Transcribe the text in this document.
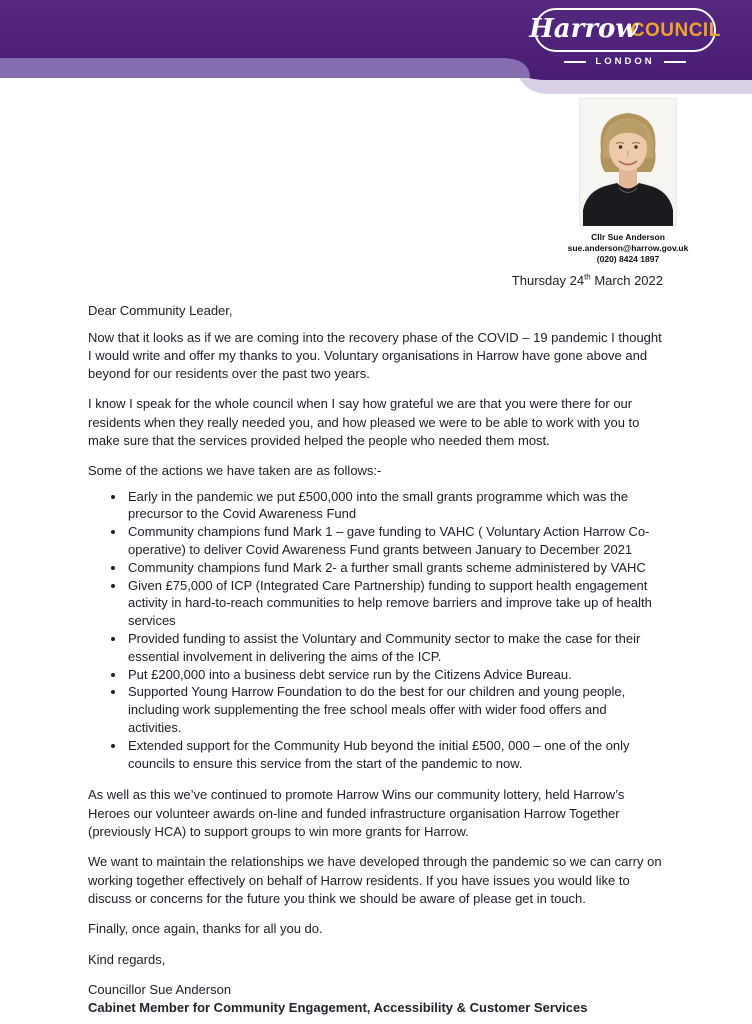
Harrow
COUNCIL
LONDON
Cllr Sue Anderson
sue.anderson@harrow.gov.uk
(020) 8424 1897
Thursday 24th March 2022
Dear Community Leader,
Now that it looks as if we are coming into the recovery phase of the COVID – 19 pandemic I thought I would write and offer my thanks to you. Voluntary organisations in Harrow have gone above and beyond for our residents over the past two years.
I know I speak for the whole council when I say how grateful we are that you were there for our residents when they really needed you, and how pleased we were to be able to work with you to make sure that the services provided helped the people who needed them most.
Some of the actions we have taken are as follows:-
• Early in the pandemic we put £500,000 into the small grants programme which was the precursor to the Covid Awareness Fund
• Community champions fund Mark 1 – gave funding to VAHC ( Voluntary Action Harrow Co-operative) to deliver Covid Awareness Fund grants between January to December 2021
• Community champions fund Mark 2- a further small grants scheme administered by VAHC
• Given £75,000 of ICP (Integrated Care Partnership) funding to support health engagement activity in hard-to-reach communities to help remove barriers and improve take up of health services
• Provided funding to assist the Voluntary and Community sector to make the case for their essential involvement in delivering the aims of the ICP.
• Put £200,000 into a business debt service run by the Citizens Advice Bureau.
• Supported Young Harrow Foundation to do the best for our children and young people, including work supplementing the free school meals offer with wider food offers and activities.
• Extended support for the Community Hub beyond the initial £500, 000 – one of the only councils to ensure this service from the start of the pandemic to now.
As well as this we’ve continued to promote Harrow Wins our community lottery, held Harrow’s Heroes our volunteer awards on-line and funded infrastructure organisation Harrow Together (previously HCA) to support groups to win more grants for Harrow.
We want to maintain the relationships we have developed through the pandemic so we can carry on working together effectively on behalf of Harrow residents. If you have issues you would like to discuss or concerns for the future you think we should be aware of please get in touch.
Finally, once again, thanks for all you do.
Kind regards,
Councillor Sue Anderson
Cabinet Member for Community Engagement, Accessibility & Customer Services
